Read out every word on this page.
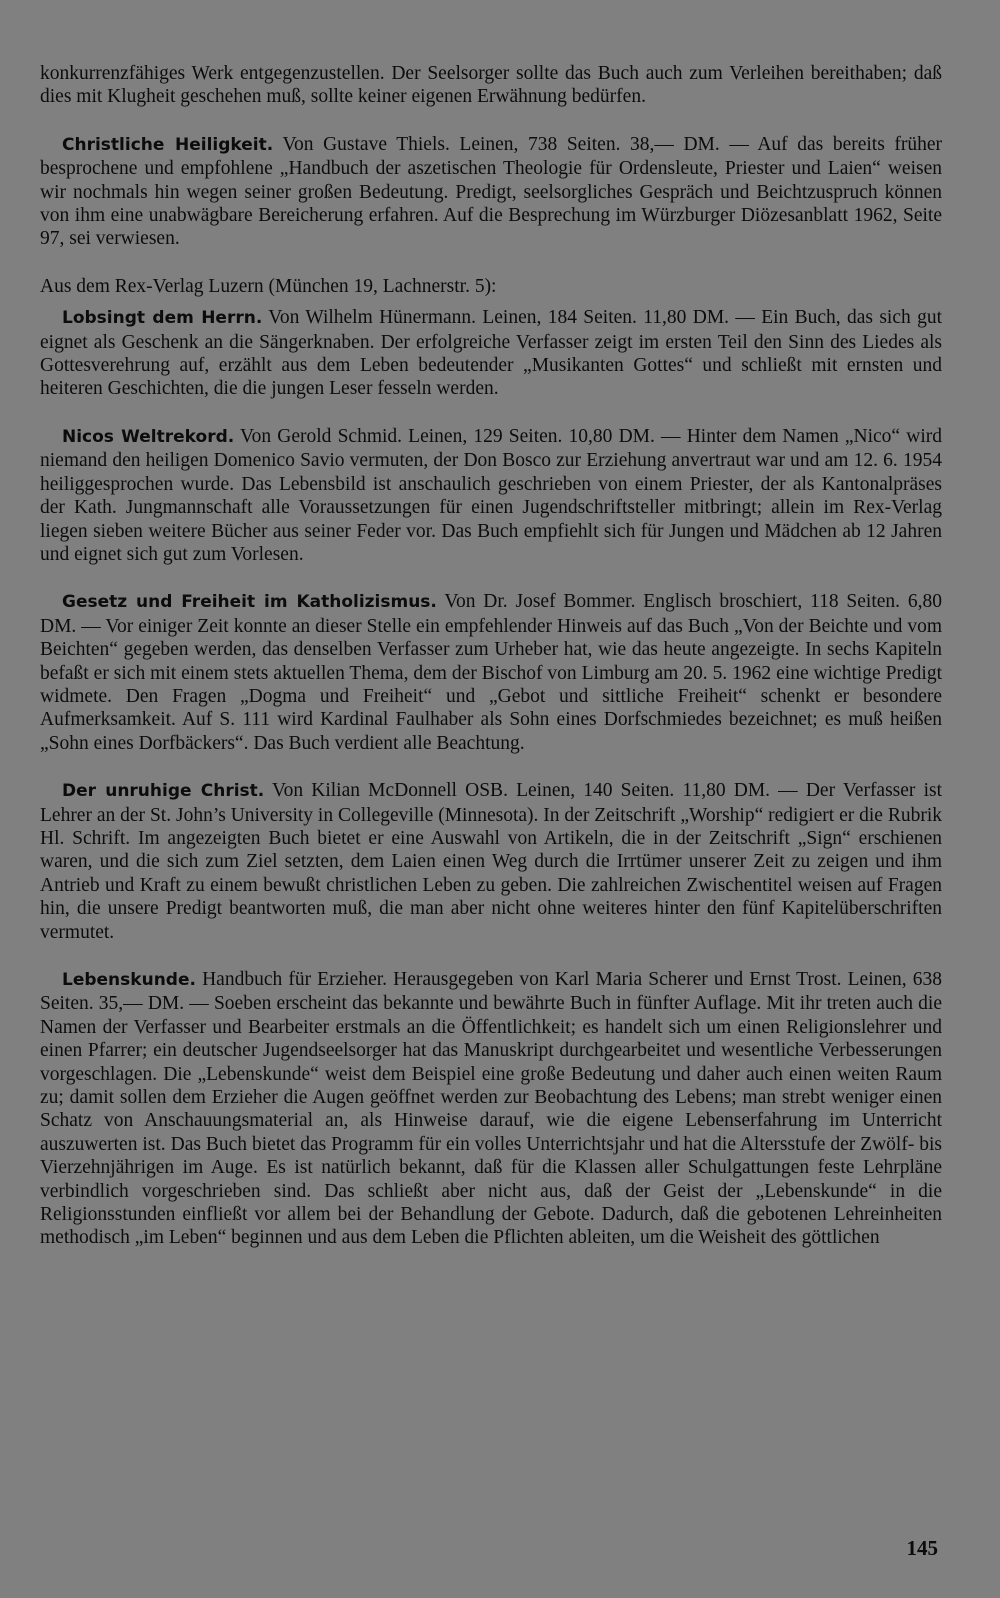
konkurrenzfähiges Werk entgegenzustellen. Der Seelsorger sollte das Buch auch zum Verleihen bereithaben; daß dies mit Klugheit geschehen muß, sollte keiner eigenen Erwähnung bedürfen.

Christliche Heiligkeit. Von Gustave Thiels. Leinen, 738 Seiten. 38,— DM. — Auf das bereits früher besprochene und empfohlene „Handbuch der aszetischen Theologie für Ordensleute, Priester und Laien“ weisen wir nochmals hin wegen seiner großen Bedeutung. Predigt, seelsorgliches Gespräch und Beichtzuspruch können von ihm eine unabwägbare Bereicherung erfahren. Auf die Besprechung im Würzburger Diözesanblatt 1962, Seite 97, sei verwiesen.

Aus dem Rex-Verlag Luzern (München 19, Lachnerstr. 5):

Lobsingt dem Herrn. Von Wilhelm Hünermann. Leinen, 184 Seiten. 11,80 DM. — Ein Buch, das sich gut eignet als Geschenk an die Sängerknaben. Der erfolgreiche Verfasser zeigt im ersten Teil den Sinn des Liedes als Gottesverehrung auf, erzählt aus dem Leben bedeutender „Musikanten Gottes“ und schließt mit ernsten und heiteren Geschichten, die die jungen Leser fesseln werden.

Nicos Weltrekord. Von Gerold Schmid. Leinen, 129 Seiten. 10,80 DM. — Hinter dem Namen „Nico“ wird niemand den heiligen Domenico Savio vermuten, der Don Bosco zur Erziehung anvertraut war und am 12. 6. 1954 heiliggesprochen wurde. Das Lebensbild ist anschaulich geschrieben von einem Priester, der als Kantonalpräses der Kath. Jungmannschaft alle Voraussetzungen für einen Jugendschriftsteller mitbringt; allein im Rex-Verlag liegen sieben weitere Bücher aus seiner Feder vor. Das Buch empfiehlt sich für Jungen und Mädchen ab 12 Jahren und eignet sich gut zum Vorlesen.

Gesetz und Freiheit im Katholizismus. Von Dr. Josef Bommer. Englisch broschiert, 118 Seiten. 6,80 DM. — Vor einiger Zeit konnte an dieser Stelle ein empfehlender Hinweis auf das Buch „Von der Beichte und vom Beichten“ gegeben werden, das denselben Verfasser zum Urheber hat, wie das heute angezeigte. In sechs Kapiteln befaßt er sich mit einem stets aktuellen Thema, dem der Bischof von Limburg am 20. 5. 1962 eine wichtige Predigt widmete. Den Fragen „Dogma und Freiheit“ und „Gebot und sittliche Freiheit“ schenkt er besondere Aufmerksamkeit. Auf S. 111 wird Kardinal Faulhaber als Sohn eines Dorfschmiedes bezeichnet; es muß heißen „Sohn eines Dorfbäckers“. Das Buch verdient alle Beachtung.

Der unruhige Christ. Von Kilian McDonnell OSB. Leinen, 140 Seiten. 11,80 DM. — Der Verfasser ist Lehrer an der St. John’s University in Collegeville (Minnesota). In der Zeitschrift „Worship“ redigiert er die Rubrik Hl. Schrift. Im angezeigten Buch bietet er eine Auswahl von Artikeln, die in der Zeitschrift „Sign“ erschienen waren, und die sich zum Ziel setzten, dem Laien einen Weg durch die Irrtümer unserer Zeit zu zeigen und ihm Antrieb und Kraft zu einem bewußt christlichen Leben zu geben. Die zahlreichen Zwischentitel weisen auf Fragen hin, die unsere Predigt beantworten muß, die man aber nicht ohne weiteres hinter den fünf Kapitelüberschriften vermutet.

Lebenskunde. Handbuch für Erzieher. Herausgegeben von Karl Maria Scherer und Ernst Trost. Leinen, 638 Seiten. 35,— DM. — Soeben erscheint das bekannte und bewährte Buch in fünfter Auflage. Mit ihr treten auch die Namen der Verfasser und Bearbeiter erstmals an die Öffentlichkeit; es handelt sich um einen Religionslehrer und einen Pfarrer; ein deutscher Jugendseelsorger hat das Manuskript durchgearbeitet und wesentliche Verbesserungen vorgeschlagen. Die „Lebenskunde“ weist dem Beispiel eine große Bedeutung und daher auch einen weiten Raum zu; damit sollen dem Erzieher die Augen geöffnet werden zur Beobachtung des Lebens; man strebt weniger einen Schatz von Anschauungsmaterial an, als Hinweise darauf, wie die eigene Lebenserfahrung im Unterricht auszuwerten ist. Das Buch bietet das Programm für ein volles Unterrichtsjahr und hat die Altersstufe der Zwölf- bis Vierzehnjährigen im Auge. Es ist natürlich bekannt, daß für die Klassen aller Schulgattungen feste Lehrpläne verbindlich vorgeschrieben sind. Das schließt aber nicht aus, daß der Geist der „Lebenskunde“ in die Religionsstunden einfließt vor allem bei der Behandlung der Gebote. Dadurch, daß die gebotenen Lehreinheiten methodisch „im Leben“ beginnen und aus dem Leben die Pflichten ableiten, um die Weisheit des göttlichen

145
